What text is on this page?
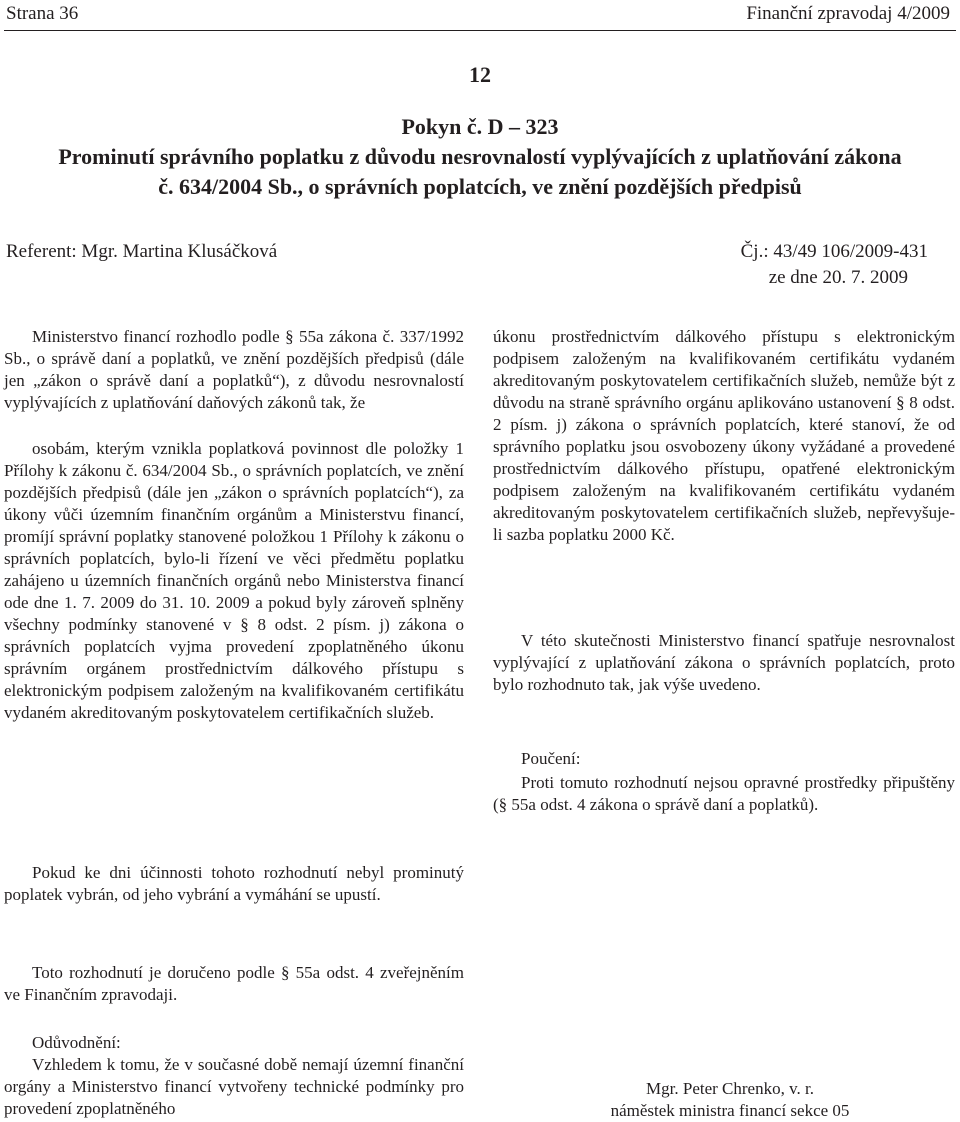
Strana 36	Finanční zpravodaj 4/2009
12
Pokyn č. D – 323
Prominutí správního poplatku z důvodu nesrovnalostí vyplývajících z uplatňování zákona
č. 634/2004 Sb., o správních poplatcích, ve znění pozdějších předpisů
Referent: Mgr. Martina Klusáčková	Čj.: 43/49 106/2009-431
ze dne 20. 7. 2009
Ministerstvo financí rozhodlo podle § 55a zákona č. 337/1992 Sb., o správě daní a poplatků, ve znění pozdějších předpisů (dále jen „zákon o správě daní a poplatků“), z důvodu nesrovnalostí vyplývajících z uplatňování daňových zákonů tak, že
osobám, kterým vznikla poplatková povinnost dle položky 1 Přílohy k zákonu č. 634/2004 Sb., o správních poplatcích, ve znění pozdějších předpisů (dále jen „zákon o správních poplatcích“), za úkony vůči územním finančním orgánům a Ministerstvu financí, promíjí správní poplatky stanovené položkou 1 Přílohy k zákonu o správních poplatcích, bylo-li řízení ve věci předmětu poplatku zahájeno u územních finančních orgánů nebo Ministerstva financí ode dne 1. 7. 2009 do 31. 10. 2009 a pokud byly zároveň splněny všechny podmínky stanovené v § 8 odst. 2 písm. j) zákona o správních poplatcích vyjma provedení zpoplatněného úkonu správním orgánem prostřednictvím dálkového přístupu s elektronickým podpisem založeným na kvalifikovaném certifikátu vydaném akreditovaným poskytovatelem certifikačních služeb.
Pokud ke dni účinnosti tohoto rozhodnutí nebyl prominutý poplatek vybrán, od jeho vybrání a vymáhání se upustí.
Toto rozhodnutí je doručeno podle § 55a odst. 4 zveřejněním ve Finančním zpravodaji.
Odůvodnění:
Vzhledem k tomu, že v současné době nemají územní finanční orgány a Ministerstvo financí vytvořeny technické podmínky pro provedení zpoplatněného
úkonu prostřednictvím dálkového přístupu s elektronickým podpisem založeným na kvalifikovaném certifikátu vydaném akreditovaným poskytovatelem certifikačních služeb, nemůže být z důvodu na straně správního orgánu aplikováno ustanovení § 8 odst. 2 písm. j) zákona o správních poplatcích, které stanoví, že od správního poplatku jsou osvobozeny úkony vyžádané a provedené prostřednictvím dálkového přístupu, opatřené elektronickým podpisem založeným na kvalifikovaném certifikátu vydaném akreditovaným poskytovatelem certifikačních služeb, nepřevyšuje-li sazba poplatku 2000 Kč.
V této skutečnosti Ministerstvo financí spatřuje nesrovnalost vyplývající z uplatňování zákona o správních poplatcích, proto bylo rozhodnuto tak, jak výše uvedeno.
Poučení:
Proti tomuto rozhodnutí nejsou opravné prostředky připuštěny (§ 55a odst. 4 zákona o správě daní a poplatků).
Mgr. Peter Chrenko, v. r.
náměstek ministra financí sekce 05
